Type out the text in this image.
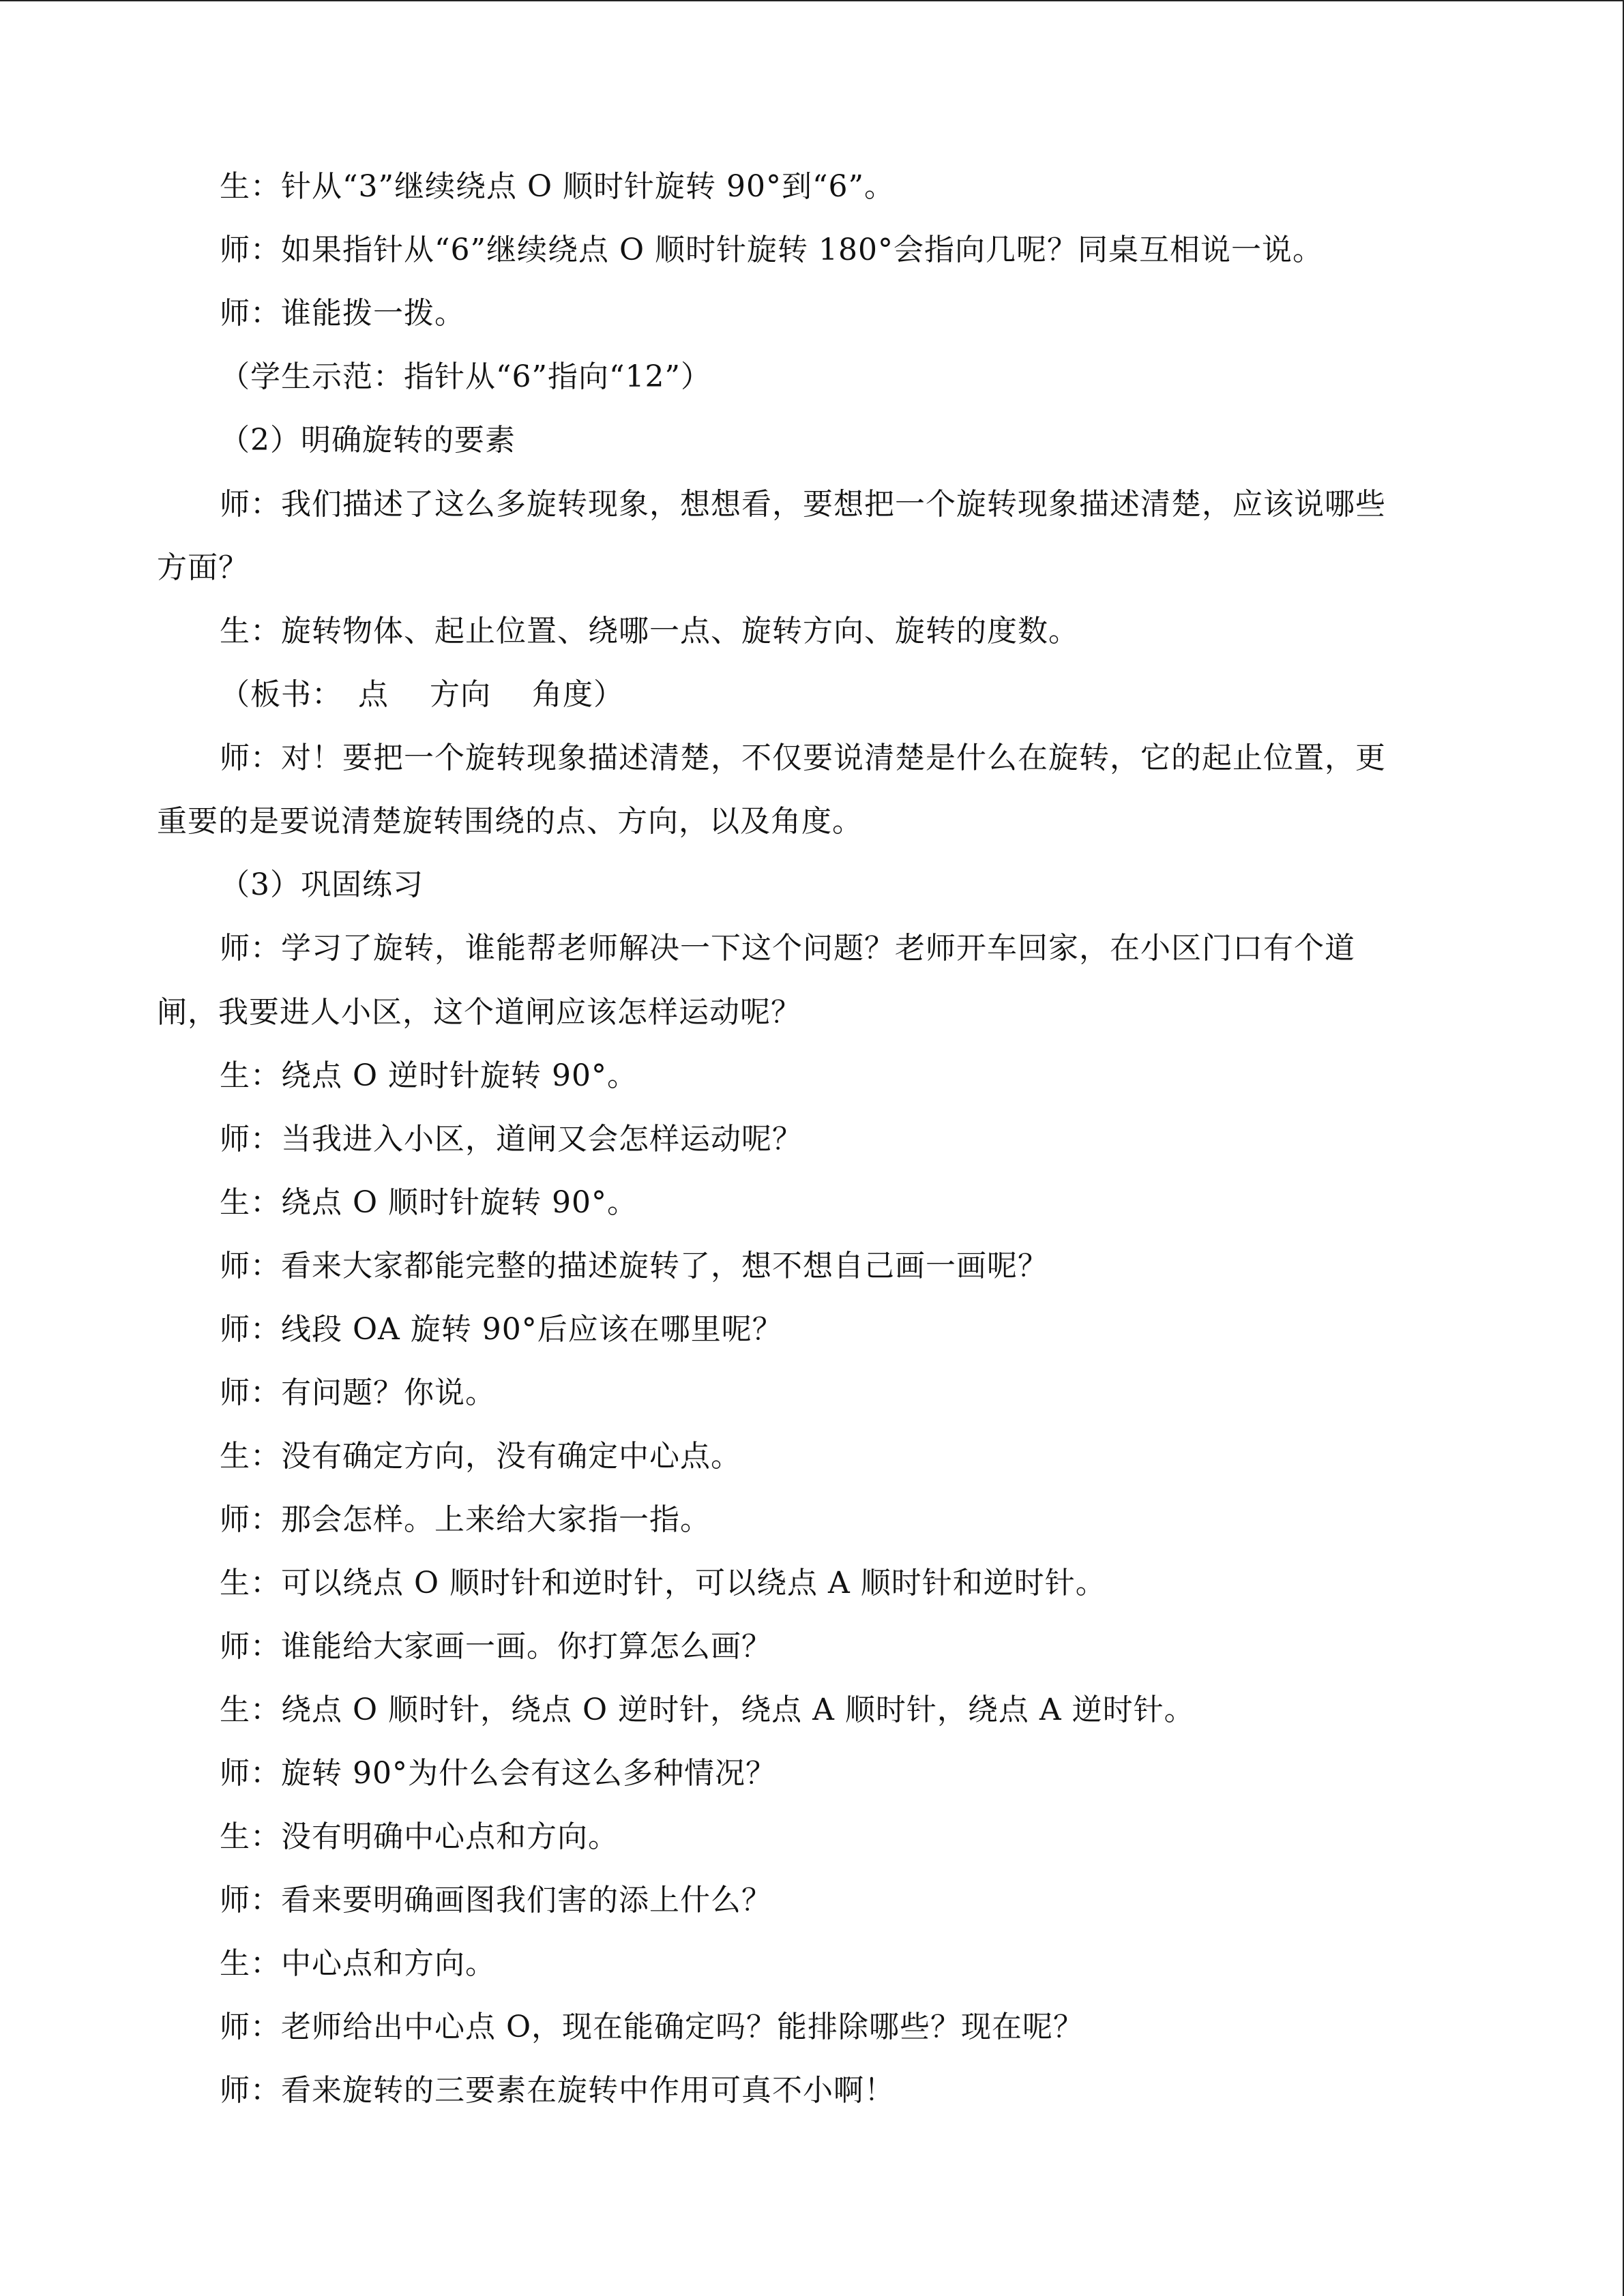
生：针从“3”继续绕点 O 顺时针旋转 90°到“6”。
师：如果指针从“6”继续绕点 O 顺时针旋转 180°会指向几呢？同桌互相说一说。
师：谁能拨一拨。
（学生示范：指针从“6”指向“12”）
（2）明确旋转的要素
师：我们描述了这么多旋转现象，想想看，要想把一个旋转现象描述清楚，应该说哪些
方面？
生：旋转物体、起止位置、绕哪一点、旋转方向、旋转的度数。
（板书：　点　 方向　 角度）
师：对！要把一个旋转现象描述清楚，不仅要说清楚是什么在旋转，它的起止位置，更
重要的是要说清楚旋转围绕的点、方向，以及角度。
（3）巩固练习
师：学习了旋转，谁能帮老师解决一下这个问题？老师开车回家，在小区门口有个道
闸，我要进人小区，这个道闸应该怎样运动呢？
生：绕点 O 逆时针旋转 90°。
师：当我进入小区，道闸又会怎样运动呢？
生：绕点 O 顺时针旋转 90°。
师：看来大家都能完整的描述旋转了，想不想自己画一画呢？
师：线段 OA 旋转 90°后应该在哪里呢？
师：有问题？你说。
生：没有确定方向，没有确定中心点。
师：那会怎样。上来给大家指一指。
生：可以绕点 O 顺时针和逆时针，可以绕点 A 顺时针和逆时针。
师：谁能给大家画一画。你打算怎么画？
生：绕点 O 顺时针，绕点 O 逆时针，绕点 A 顺时针，绕点 A 逆时针。
师：旋转 90°为什么会有这么多种情况？
生：没有明确中心点和方向。
师：看来要明确画图我们害的添上什么？
生：中心点和方向。
师：老师给出中心点 O，现在能确定吗？能排除哪些？现在呢？
师：看来旋转的三要素在旋转中作用可真不小啊！
